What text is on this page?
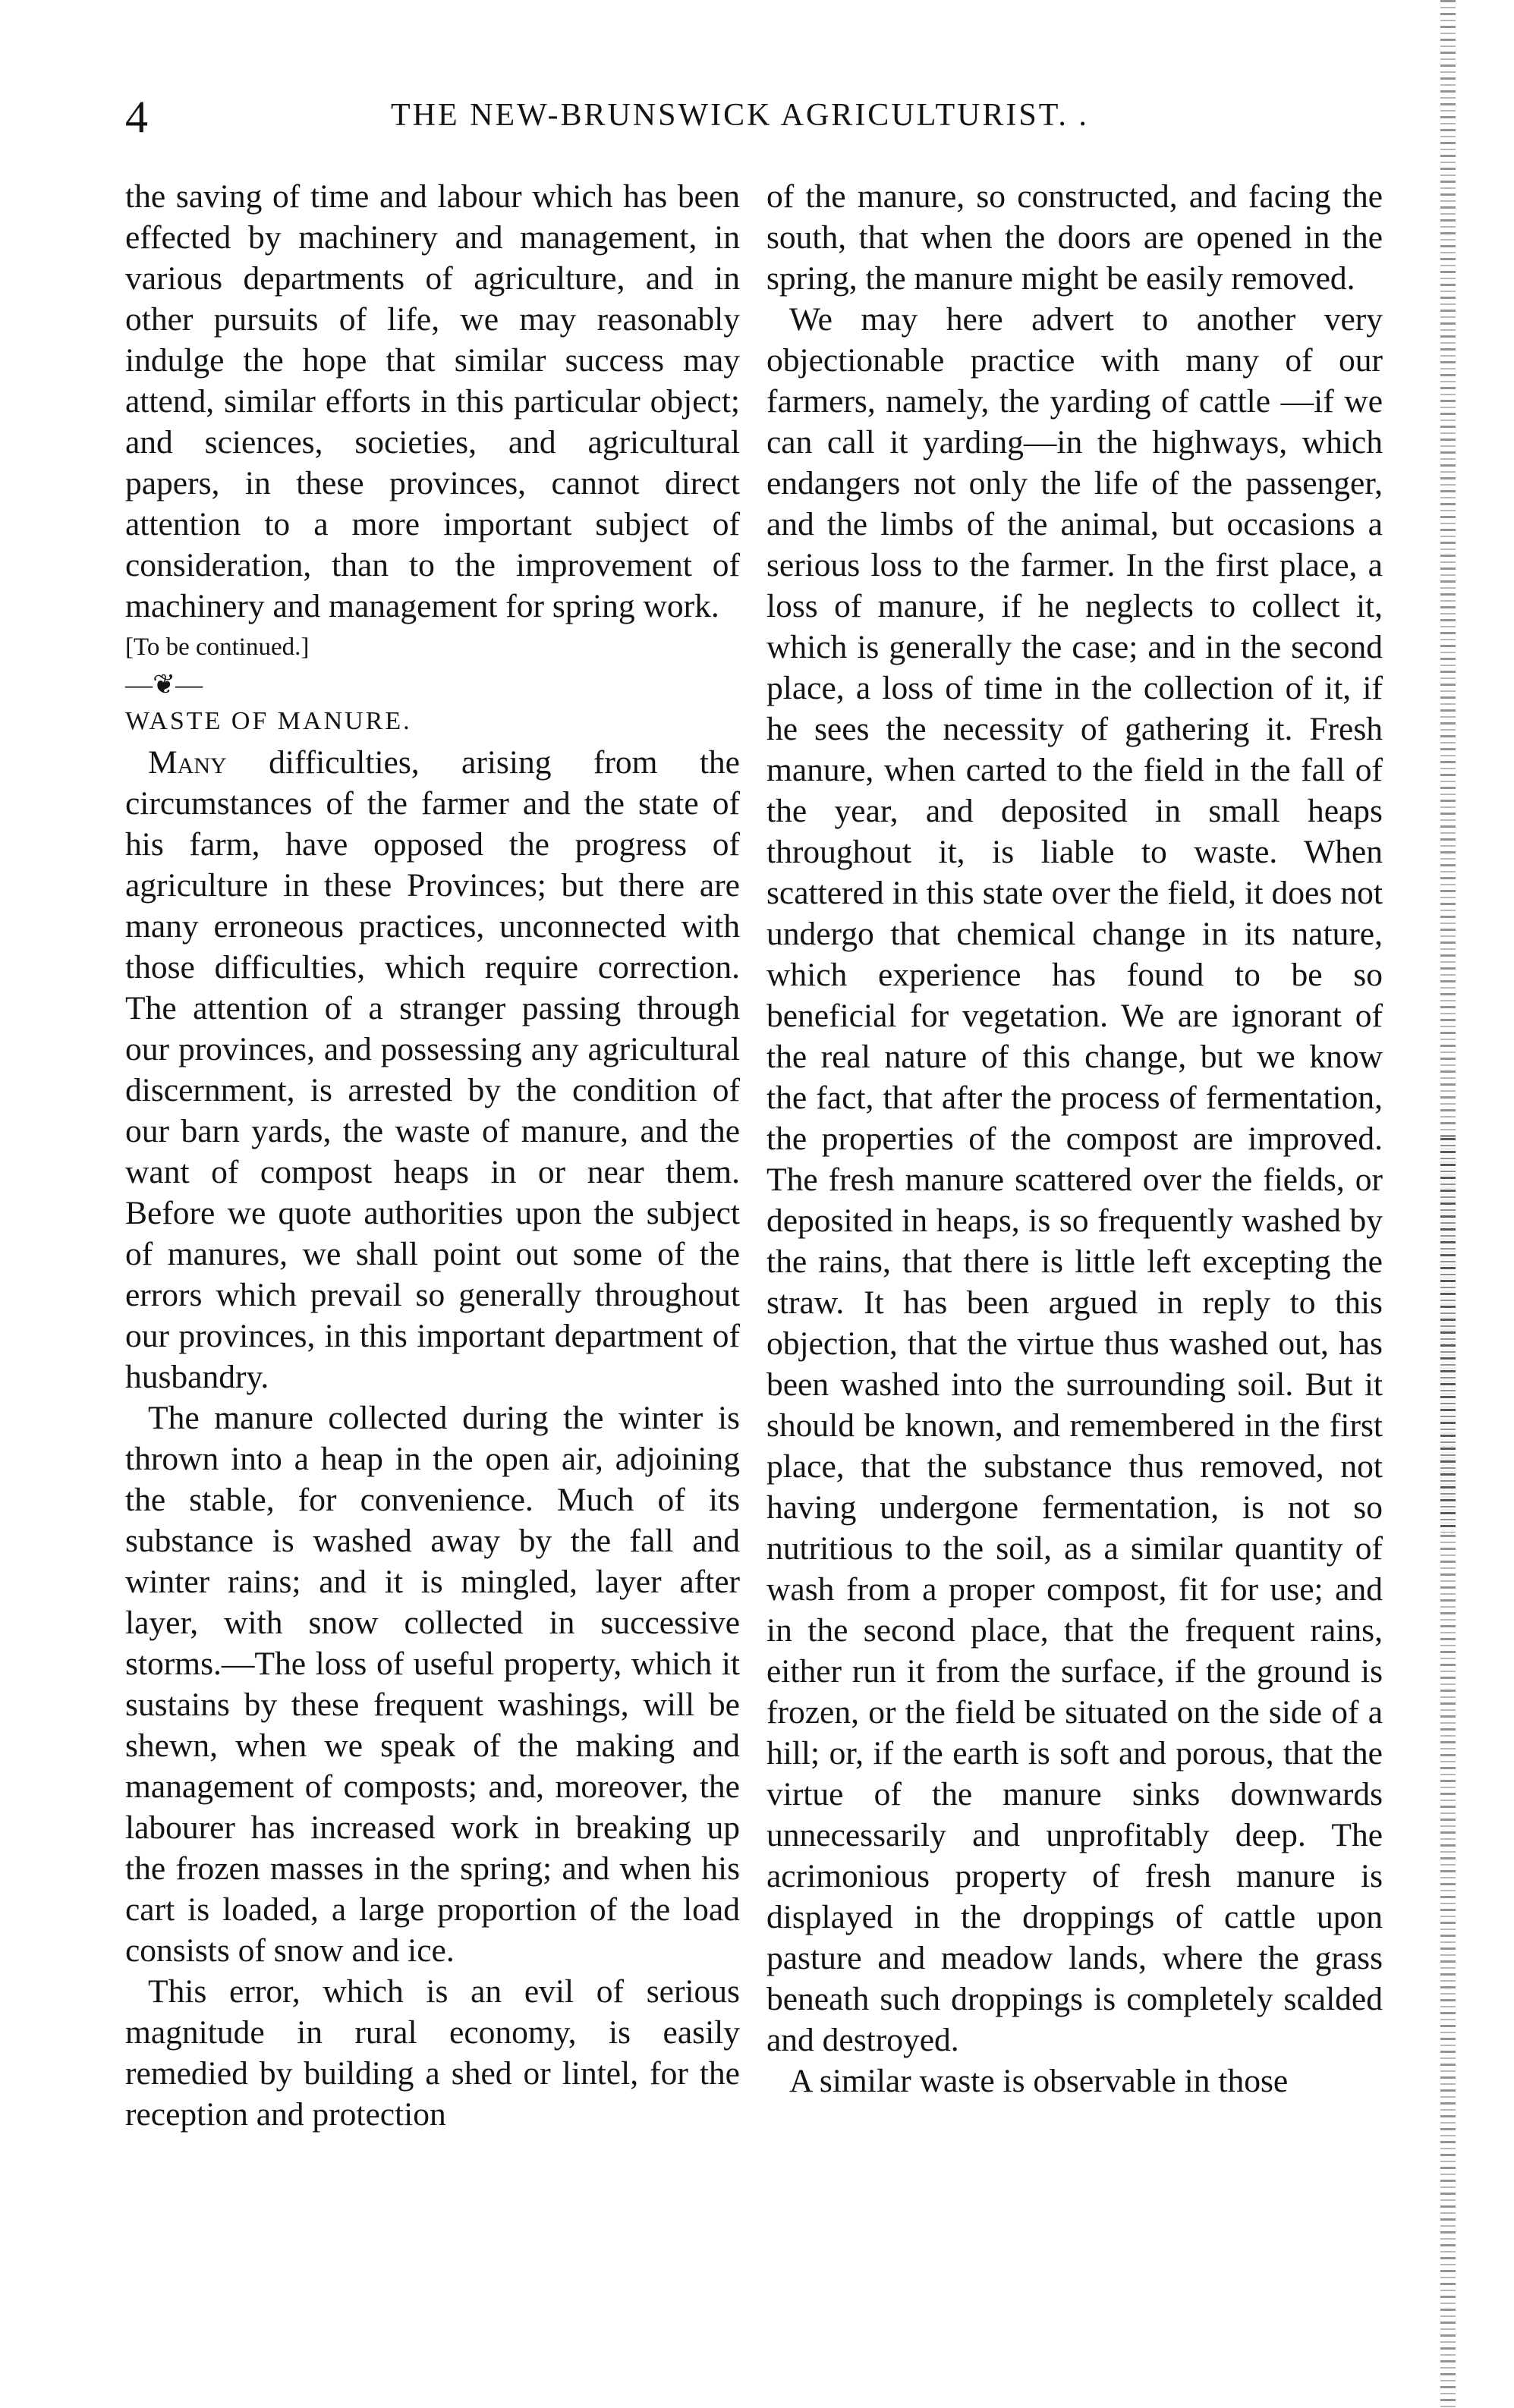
4	THE NEW-BRUNSWICK AGRICULTURIST. .

the saving of time and labour which has been effected by machinery and management, in various departments of agriculture, and in other pursuits of life, we may reasonably indulge the hope that similar success may attend, similar efforts in this particular object; and sciences, societies, and agricultural papers, in these provinces, cannot direct attention to a more important subject of consideration, than to the improvement of machinery and management for spring work.

[To be continued.]

—❦—

WASTE OF MANURE.

Many difficulties, arising from the circumstances of the farmer and the state of his farm, have opposed the progress of agriculture in these Provinces; but there are many erroneous practices, unconnected with those difficulties, which require correction. The attention of a stranger passing through our provinces, and possessing any agricultural discernment, is arrested by the condition of our barn yards, the waste of manure, and the want of compost heaps in or near them. Before we quote authorities upon the subject of manures, we shall point out some of the errors which prevail so generally throughout our provinces, in this important department of husbandry.

The manure collected during the winter is thrown into a heap in the open air, adjoining the stable, for convenience. Much of its substance is washed away by the fall and winter rains; and it is mingled, layer after layer, with snow collected in successive storms.—The loss of useful property, which it sustains by these frequent washings, will be shewn, when we speak of the making and management of composts; and, moreover, the labourer has increased work in breaking up the frozen masses in the spring; and when his cart is loaded, a large proportion of the load consists of snow and ice.

This error, which is an evil of serious magnitude in rural economy, is easily remedied by building a shed or lintel, for the reception and protection

of the manure, so constructed, and facing the south, that when the doors are opened in the spring, the manure might be easily removed.

We may here advert to another very objectionable practice with many of our farmers, namely, the yarding of cattle —if we can call it yarding—in the highways, which endangers not only the life of the passenger, and the limbs of the animal, but occasions a serious loss to the farmer. In the first place, a loss of manure, if he neglects to collect it, which is generally the case; and in the second place, a loss of time in the collection of it, if he sees the necessity of gathering it. Fresh manure, when carted to the field in the fall of the year, and deposited in small heaps throughout it, is liable to waste. When scattered in this state over the field, it does not undergo that chemical change in its nature, which experience has found to be so beneficial for vegetation. We are ignorant of the real nature of this change, but we know the fact, that after the process of fermentation, the properties of the compost are improved. The fresh manure scattered over the fields, or deposited in heaps, is so frequently washed by the rains, that there is little left excepting the straw. It has been argued in reply to this objection, that the virtue thus washed out, has been washed into the surrounding soil. But it should be known, and remembered in the first place, that the substance thus removed, not having undergone fermentation, is not so nutritious to the soil, as a similar quantity of wash from a proper compost, fit for use; and in the second place, that the frequent rains, either run it from the surface, if the ground is frozen, or the field be situated on the side of a hill; or, if the earth is soft and porous, that the virtue of the manure sinks downwards unnecessarily and unprofitably deep. The acrimonious property of fresh manure is displayed in the droppings of cattle upon pasture and meadow lands, where the grass beneath such droppings is completely scalded and destroyed.

A similar waste is observable in those
